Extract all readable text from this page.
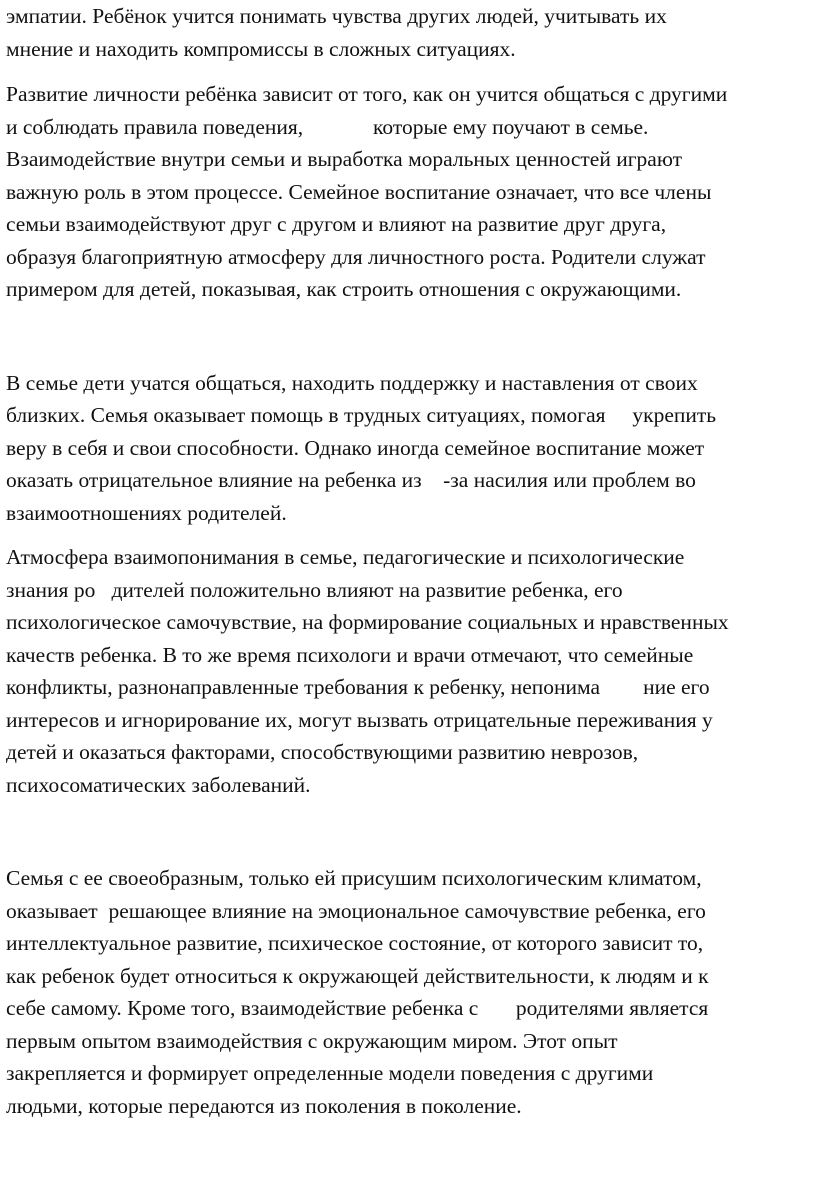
эмпатии. Ребёнок учится понимать чувства других людей, учитывать их
мнение и находить компромиссы в сложных ситуациях.
Развитие личности ребёнка зависит от того, как он учится общаться с другими
и соблюдать правила поведения,             которые ему поучают в семье.
Взаимодействие внутри семьи и выработка моральных ценностей играют
важную роль в этом процессе. Семейное воспитание означает, что все члены
семьи взаимодействуют друг с другом и влияют на развитие друг друга,
образуя благоприятную атмосферу для личностного роста. Родители служат
примером для детей, показывая, как строить отношения с окружающими.
В семье дети учатся общаться, находить поддержку и наставления от своих
близких. Семья оказывает помощь в трудных ситуациях, помогая     укрепить
веру в себя и свои способности. Однако иногда семейное воспитание может
оказать отрицательное влияние на ребенка из    -за насилия или проблем во
взаимоотношениях родителей.
Атмосфера взаимопонимания в семье, педагогические и психологические
знания ро   дителей положительно влияют на развитие ребенка, его
психологическое самочувствие, на формирование социальных и нравственных
качеств ребенка. В то же время психологи и врачи отмечают, что семейные
конфликты, разнонаправленные требования к ребенку, непонима        ние его
интересов и игнорирование их, могут вызвать отрицательные переживания у
детей и оказаться факторами, способствующими развитию неврозов,
психосоматических заболеваний.
Семья с ее своеобразным, только ей присушим психологическим климатом,
оказывает  решающее влияние на эмоциональное самочувствие ребенка, его
интеллектуальное развитие, психическое состояние, от которого зависит то,
как ребенок будет относиться к окружающей действительности, к людям и к
себе самому. Кроме того, взаимодействие ребенка с       родителями является
первым опытом взаимодействия с окружающим миром. Этот опыт
закрепляется и формирует определенные модели поведения с другими
людьми, которые передаются из поколения в поколение.
